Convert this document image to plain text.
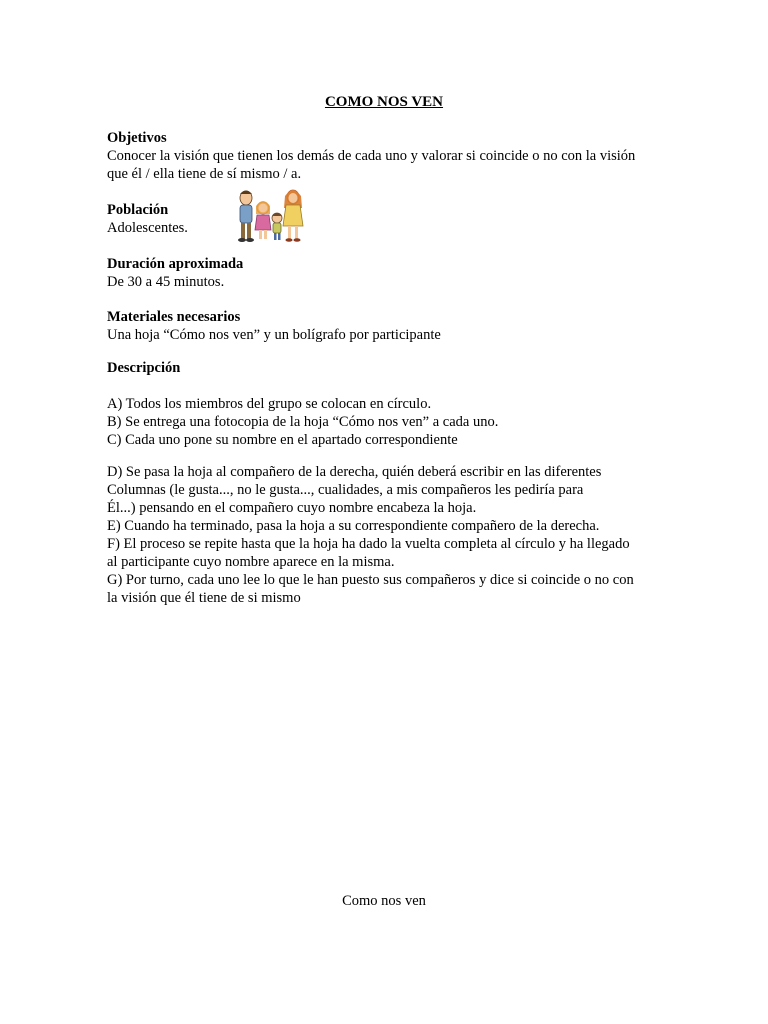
COMO NOS VEN
Objetivos
Conocer la visión que tienen los demás de cada uno y valorar si coincide o no con la visión
que él / ella tiene de sí mismo / a.
Población
Adolescentes.
Duración aproximada
De 30 a 45 minutos.
Materiales necesarios
Una hoja “Cómo nos ven” y un bolígrafo por participante
Descripción
A) Todos los miembros del grupo se colocan en círculo.
B) Se entrega una fotocopia de la hoja “Cómo nos ven” a cada uno.
C) Cada uno pone su nombre en el apartado correspondiente
D) Se pasa la hoja al compañero de la derecha, quién deberá escribir en las diferentes
Columnas (le gusta..., no le gusta..., cualidades, a mis compañeros les pediría para
Él...) pensando en el compañero cuyo nombre encabeza la hoja.
E) Cuando ha terminado, pasa la hoja a su correspondiente compañero de la derecha.
F) El proceso se repite hasta que la hoja ha dado la vuelta completa al círculo y ha llegado
al participante cuyo nombre aparece en la misma.
G) Por turno, cada uno lee lo que le han puesto sus compañeros y dice si coincide o no con
la visión que él tiene de si mismo
Como nos ven
